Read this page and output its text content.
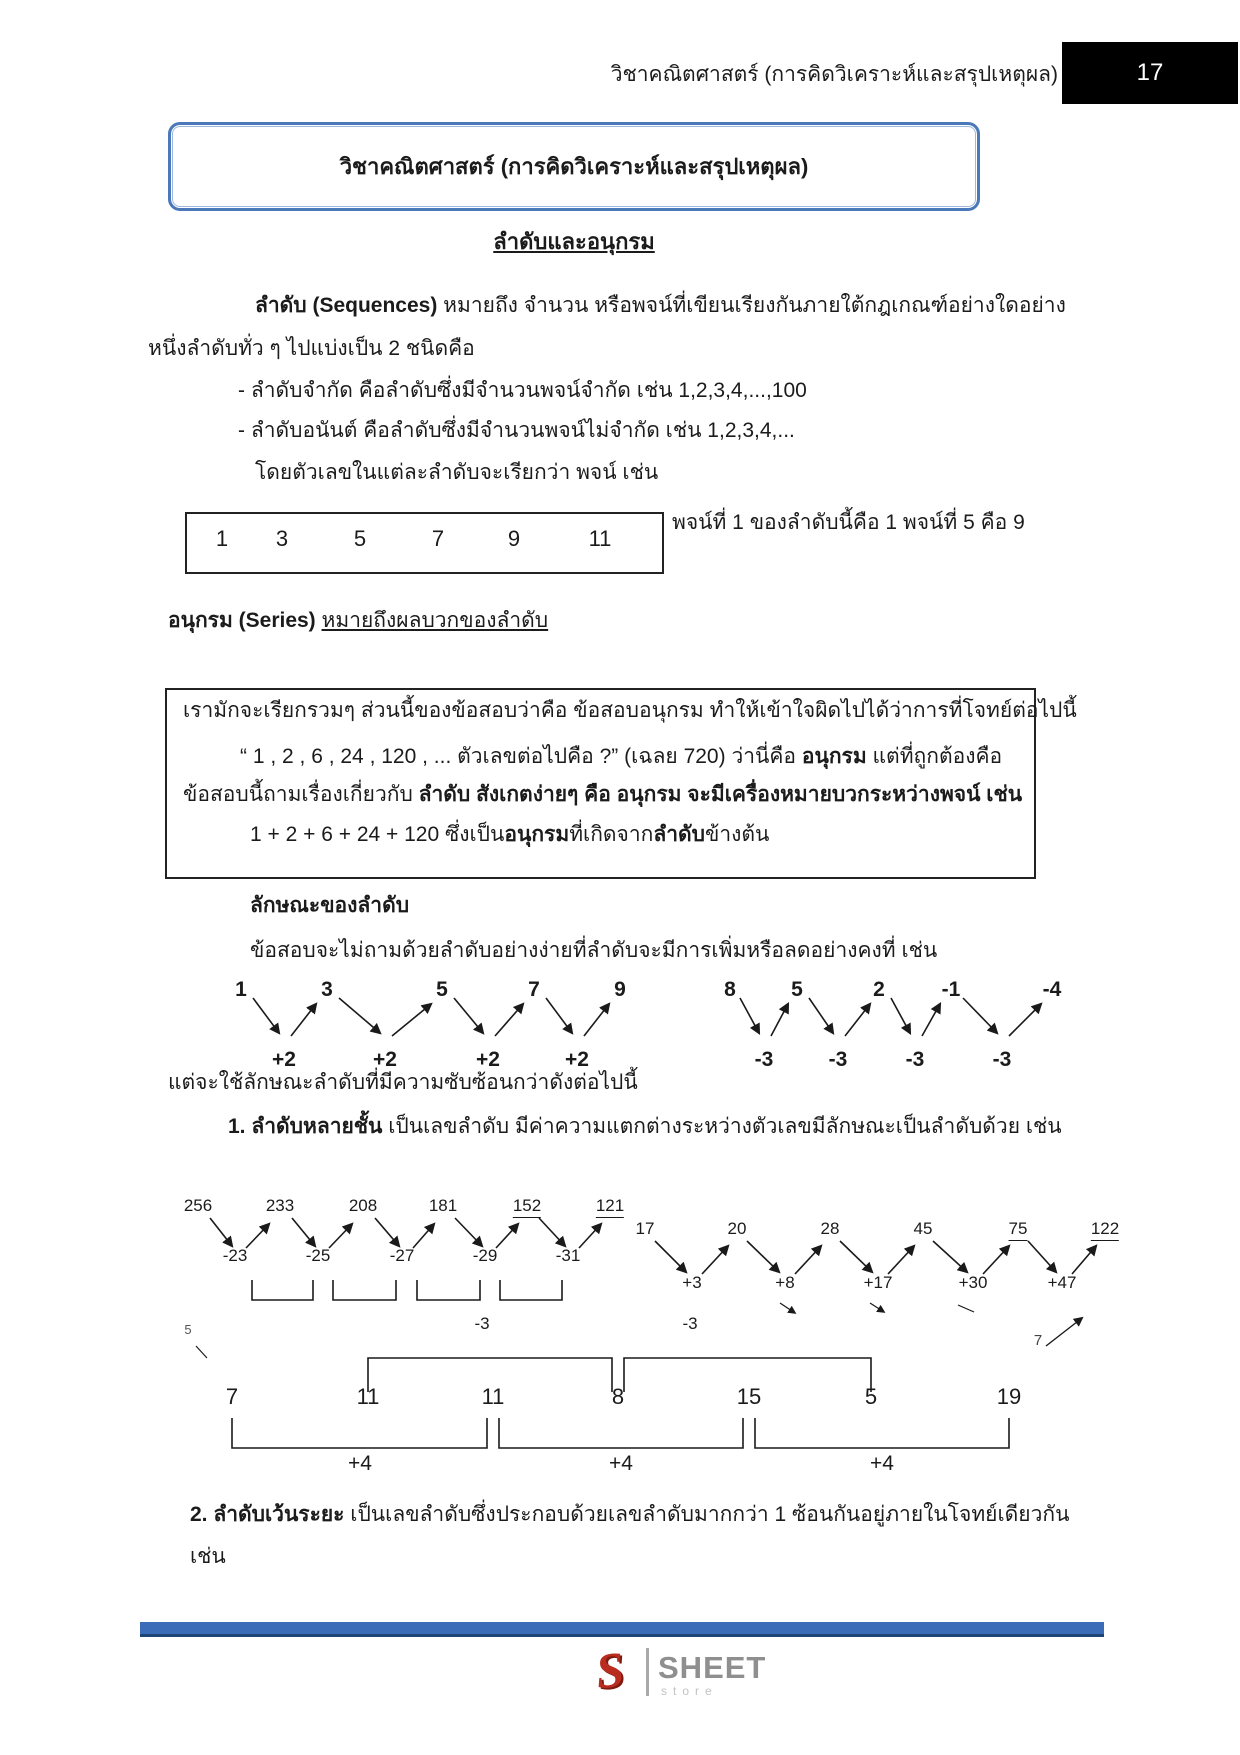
วิชาคณิตศาสตร์ (การคิดวิเคราะห์และสรุปเหตุผล)	17
วิชาคณิตศาสตร์ (การคิดวิเคราะห์และสรุปเหตุผล)
ลำดับและอนุกรม
ลำดับ (Sequences) หมายถึง จำนวน หรือพจน์ที่เขียนเรียงกันภายใต้กฎเกณฑ์อย่างใดอย่าง
หนึ่งลำดับทั่ว ๆ ไปแบ่งเป็น 2 ชนิดคือ
- ลำดับจำกัด คือลำดับซึ่งมีจำนวนพจน์จำกัด เช่น 1,2,3,4,...,100
- ลำดับอนันต์ คือลำดับซึ่งมีจำนวนพจน์ไม่จำกัด เช่น 1,2,3,4,...
โดยตัวเลขในแต่ละลำดับจะเรียกว่า พจน์ เช่น
1 3	5	7	9	11
พจน์ที่ 1 ของลำดับนี้คือ 1 พจน์ที่ 5 คือ 9
อนุกรม (Series) หมายถึงผลบวกของลำดับ
เรามักจะเรียกรวมๆ ส่วนนี้ของข้อสอบว่าคือ ข้อสอบอนุกรม ทำให้เข้าใจผิดไปได้ว่าการที่โจทย์ต่อไปนี้
“ 1 , 2 , 6 , 24 , 120 , ... ตัวเลขต่อไปคือ ?” (เฉลย 720) ว่านี่คือ อนุกรม แต่ที่ถูกต้องคือ
ข้อสอบนี้ถามเรื่องเกี่ยวกับ ลำดับ สังเกตง่ายๆ คือ อนุกรม จะมีเครื่องหมายบวกระหว่างพจน์ เช่น
1 + 2 + 6 + 24 + 120 ซึ่งเป็นอนุกรมที่เกิดจากลำดับข้างต้น
ลักษณะของลำดับ
ข้อสอบจะไม่ถามด้วยลำดับอย่างง่ายที่ลำดับจะมีการเพิ่มหรือลดอย่างคงที่ เช่น
1	3	5	7	9
+2	+2	+2	+2
8	5	2	-1	-4
-3	-3	-3	-3
แต่จะใช้ลักษณะลำดับที่มีความซับซ้อนกว่าดังต่อไปนี้
1. ลำดับหลายชั้น เป็นเลขลำดับ มีค่าความแตกต่างระหว่างตัวเลขมีลักษณะเป็นลำดับด้วย เช่น
256	233	208	181	152	121
-23	-25	-27	-29	-31
17	20	28	45	75	122
+3	+8	+17	+30	+47
5
7
-3	-3
7	11	11	8	15	5	19
+4	+4	+4
2. ลำดับเว้นระยะ เป็นเลขลำดับซึ่งประกอบด้วยเลขลำดับมากกว่า 1 ซ้อนกันอยู่ภายในโจทย์เดียวกัน
เช่น
S SHEET
store
